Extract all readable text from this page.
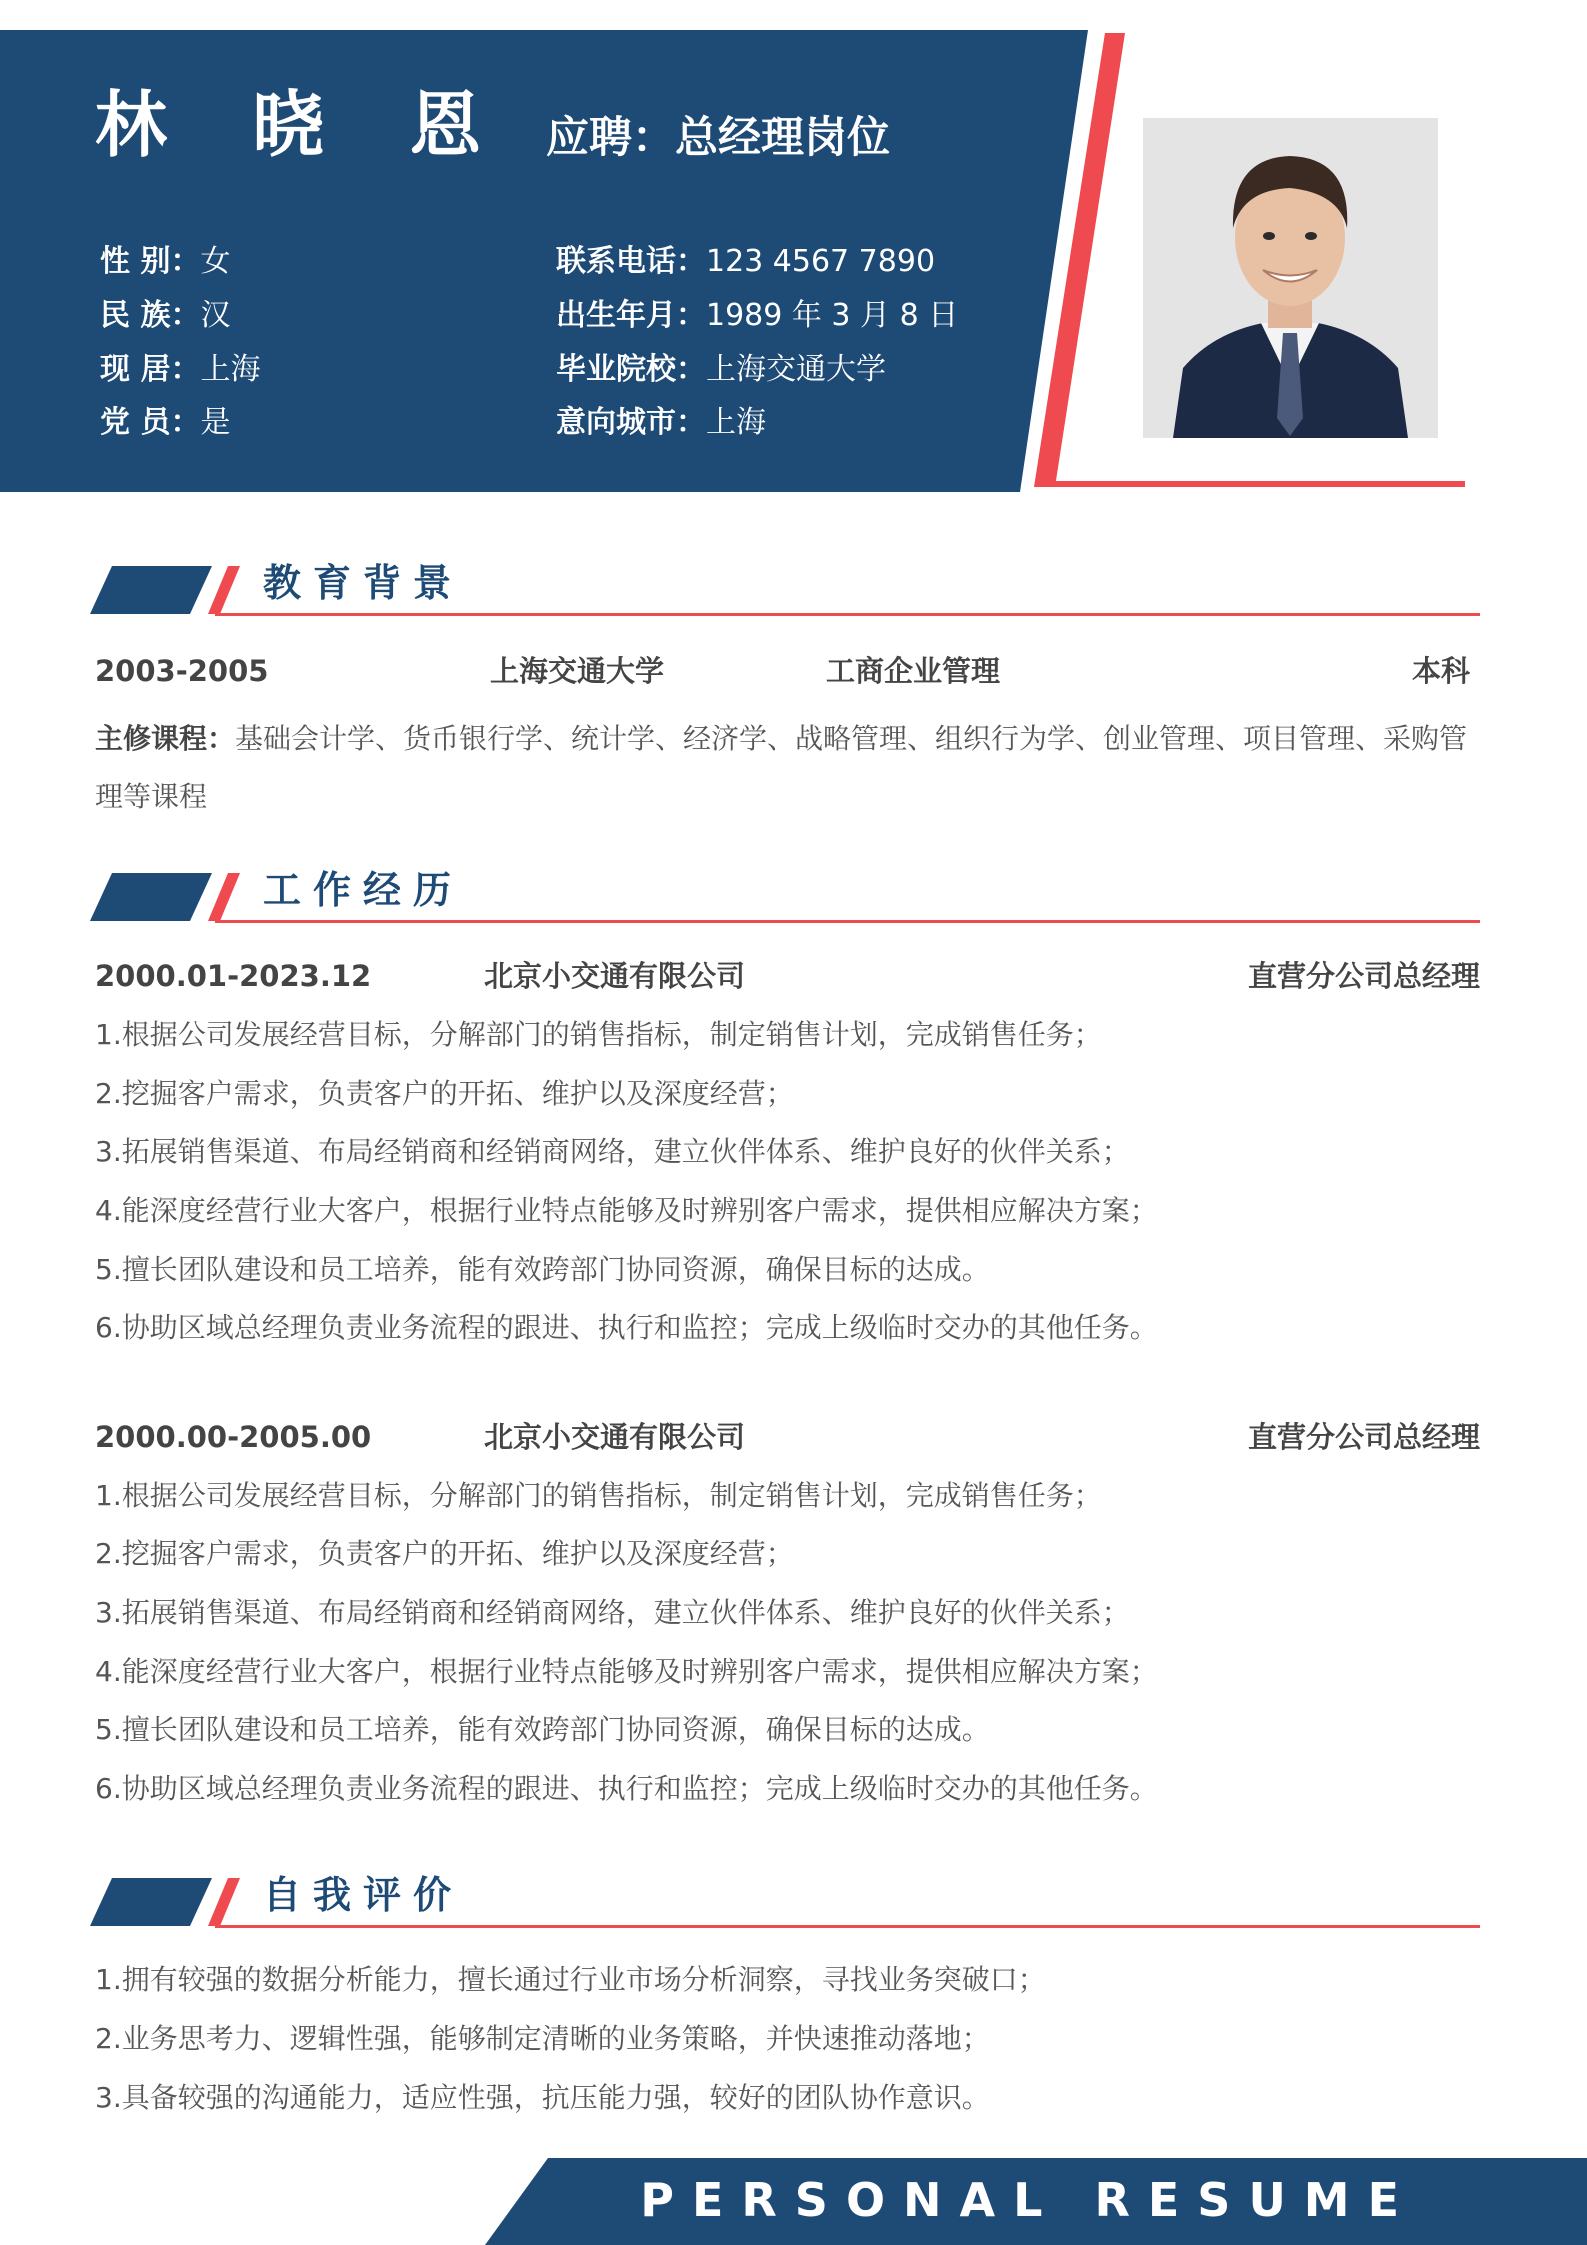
林 晓 恩 应聘：总经理岗位
性 别：女
民 族：汉
现 居：上海
党 员：是
联系电话：123 4567 7890
出生年月：1989 年 3 月 8 日
毕业院校：上海交通大学
意向城市：上海
教育背景
2003-2005	上海交通大学	工商企业管理	本科
主修课程：基础会计学、货币银行学、统计学、经济学、战略管理、组织行为学、创业管理、项目管理、采购管理等课程
工作经历
2000.01-2023.12	北京小交通有限公司	直营分公司总经理
1.根据公司发展经营目标，分解部门的销售指标，制定销售计划，完成销售任务；
2.挖掘客户需求，负责客户的开拓、维护以及深度经营；
3.拓展销售渠道、布局经销商和经销商网络，建立伙伴体系、维护良好的伙伴关系；
4.能深度经营行业大客户，根据行业特点能够及时辨别客户需求，提供相应解决方案；
5.擅长团队建设和员工培养，能有效跨部门协同资源，确保目标的达成。
6.协助区域总经理负责业务流程的跟进、执行和监控；完成上级临时交办的其他任务。
2000.00-2005.00	北京小交通有限公司	直营分公司总经理
1.根据公司发展经营目标，分解部门的销售指标，制定销售计划，完成销售任务；
2.挖掘客户需求，负责客户的开拓、维护以及深度经营；
3.拓展销售渠道、布局经销商和经销商网络，建立伙伴体系、维护良好的伙伴关系；
4.能深度经营行业大客户，根据行业特点能够及时辨别客户需求，提供相应解决方案；
5.擅长团队建设和员工培养，能有效跨部门协同资源，确保目标的达成。
6.协助区域总经理负责业务流程的跟进、执行和监控；完成上级临时交办的其他任务。
自我评价
1.拥有较强的数据分析能力，擅长通过行业市场分析洞察，寻找业务突破口；
2.业务思考力、逻辑性强，能够制定清晰的业务策略，并快速推动落地；
3.具备较强的沟通能力，适应性强，抗压能力强，较好的团队协作意识。
PERSONAL RESUME
